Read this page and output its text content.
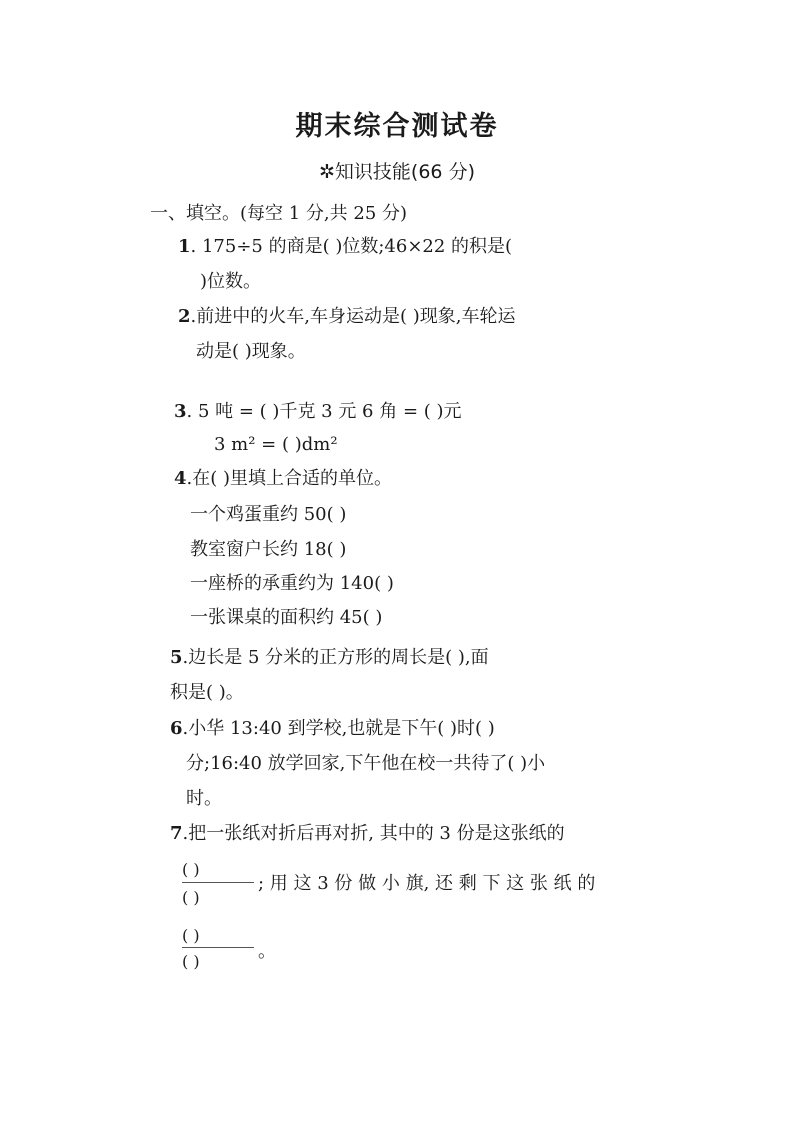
期末综合测试卷
✲知识技能(66 分)
一、填空。(每空 1 分,共 25 分)
1. 175÷5 的商是( )位数;46×22 的积是(
)位数。
2.前进中的火车,车身运动是( )现象,车轮运
动是( )现象。
3. 5 吨 = ( )千克 3 元 6 角 = ( )元
3 m² = ( )dm²
4.在( )里填上合适的单位。
一个鸡蛋重约 50( )
教室窗户长约 18( )
一座桥的承重约为 140( )
一张课桌的面积约 45( )
5.边长是 5 分米的正方形的周长是( ),面
积是( )。
6.小华 13:40 到学校,也就是下午( )时( )
分;16:40 放学回家,下午他在校一共待了( )小
时。
7.把一张纸对折后再对折, 其中的 3 份是这张纸的
( )
( )
; 用 这 3 份 做 小 旗, 还 剩 下 这 张 纸 的
( )
( )	。
